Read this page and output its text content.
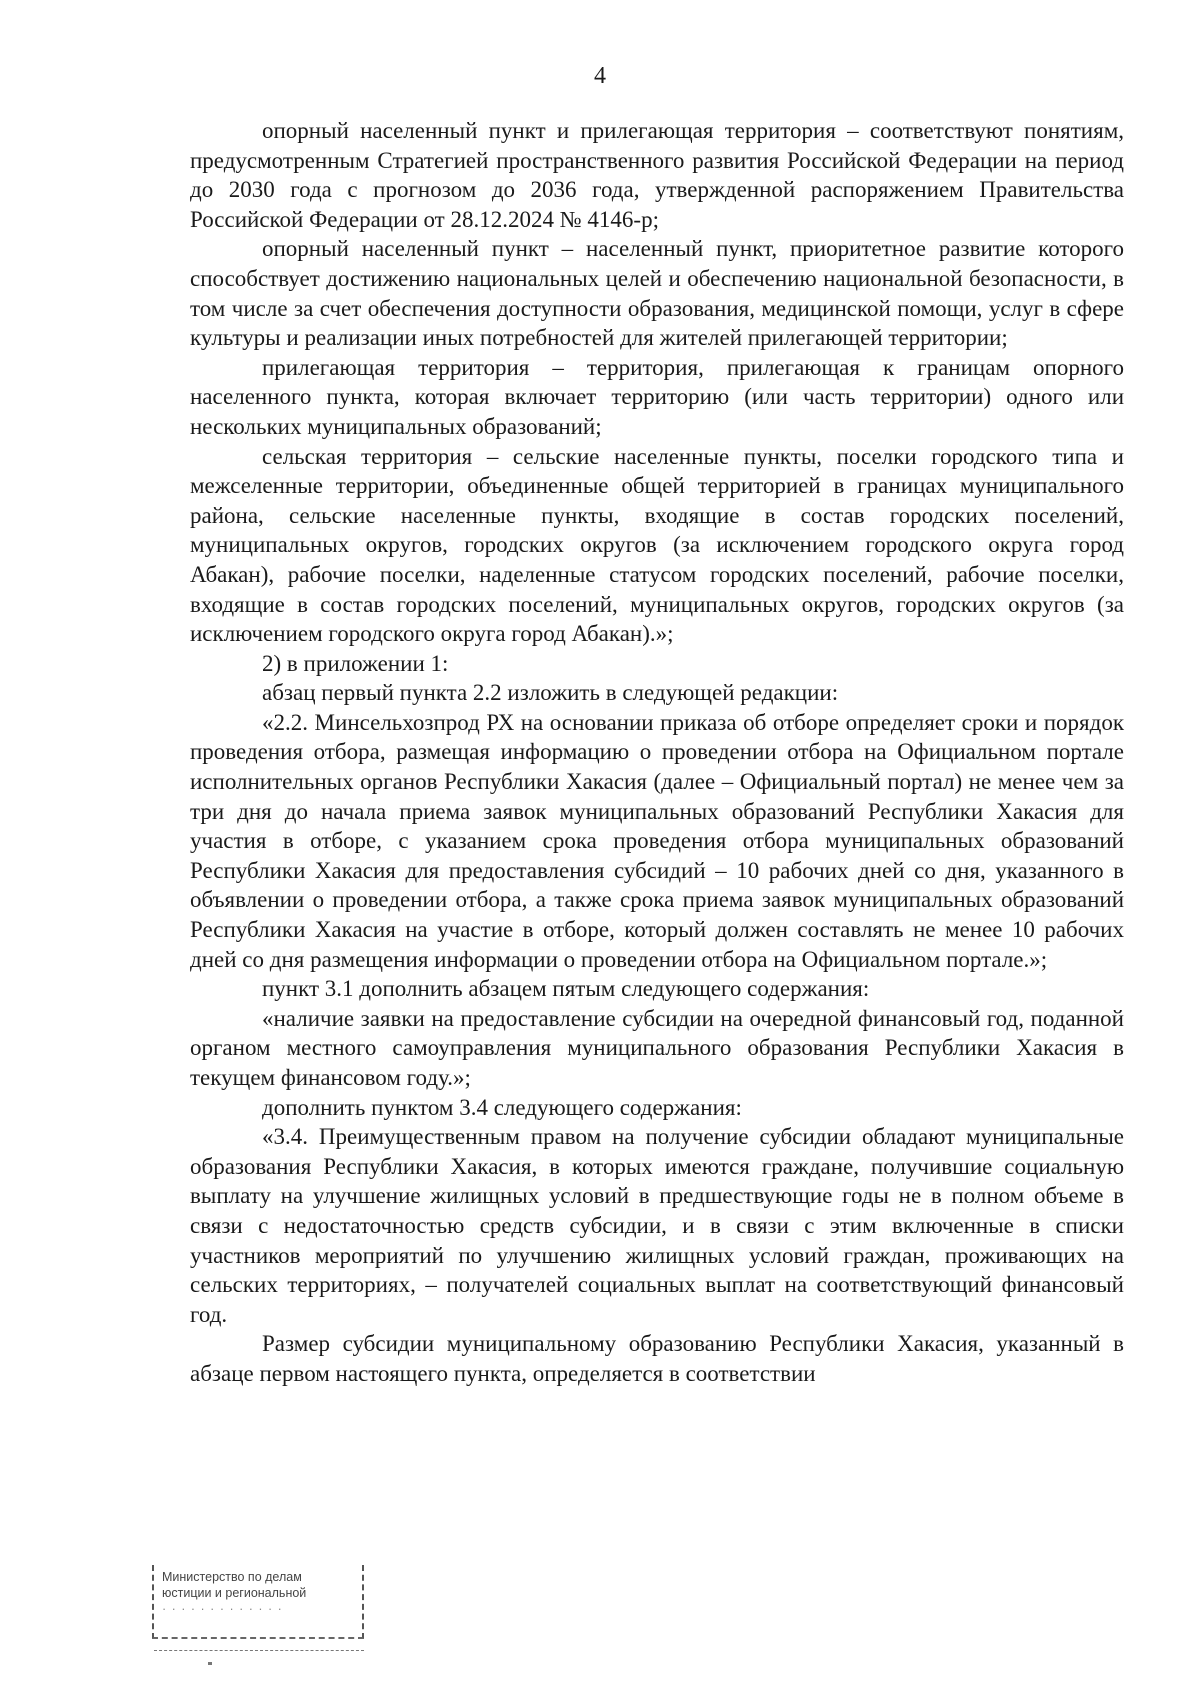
4

опорный населенный пункт и прилегающая территория – соответствуют понятиям, предусмотренным Стратегией пространственного развития Российской Федерации на период до 2030 года с прогнозом до 2036 года, утвержденной распоряжением Правительства Российской Федерации от 28.12.2024 № 4146-р;

опорный населенный пункт – населенный пункт, приоритетное развитие которого способствует достижению национальных целей и обеспечению национальной безопасности, в том числе за счет обеспечения доступности образования, медицинской помощи, услуг в сфере культуры и реализации иных потребностей для жителей прилегающей территории;

прилегающая территория – территория, прилегающая к границам опорного населенного пункта, которая включает территорию (или часть территории) одного или нескольких муниципальных образований;

сельская территория – сельские населенные пункты, поселки городского типа и межселенные территории, объединенные общей территорией в границах муниципального района, сельские населенные пункты, входящие в состав городских поселений, муниципальных округов, городских округов (за исключением городского округа город Абакан), рабочие поселки, наделенные статусом городских поселений, рабочие поселки, входящие в состав городских поселений, муниципальных округов, городских округов (за исключением городского округа город Абакан).»;

2) в приложении 1:

абзац первый пункта 2.2 изложить в следующей редакции:

«2.2. Минсельхозпрод РХ на основании приказа об отборе определяет сроки и порядок проведения отбора, размещая информацию о проведении отбора на Официальном портале исполнительных органов Республики Хакасия (далее – Официальный портал) не менее чем за три дня до начала приема заявок муниципальных образований Республики Хакасия для участия в отборе, с указанием срока проведения отбора муниципальных образований Республики Хакасия для предоставления субсидий – 10 рабочих дней со дня, указанного в объявлении о проведении отбора, а также срока приема заявок муниципальных образований Республики Хакасия на участие в отборе, который должен составлять не менее 10 рабочих дней со дня размещения информации о проведении отбора на Официальном портале.»;

пункт 3.1 дополнить абзацем пятым следующего содержания:

«наличие заявки на предоставление субсидии на очередной финансовый год, поданной органом местного самоуправления муниципального образования Республики Хакасия в текущем финансовом году.»;

дополнить пунктом 3.4 следующего содержания:

«3.4. Преимущественным правом на получение субсидии обладают муниципальные образования Республики Хакасия, в которых имеются граждане, получившие социальную выплату на улучшение жилищных условий в предшествующие годы не в полном объеме в связи с недостаточностью средств субсидии, и в связи с этим включенные в списки участников мероприятий по улучшению жилищных условий граждан, проживающих на сельских территориях, – получателей социальных выплат на соответствующий финансовый год.

Размер субсидии муниципальному образованию Республики Хакасия, указанный в абзаце первом настоящего пункта, определяется в соответствии

Министерство по делам
юстиции и региональной
· · · · · · · · · · · · ·
